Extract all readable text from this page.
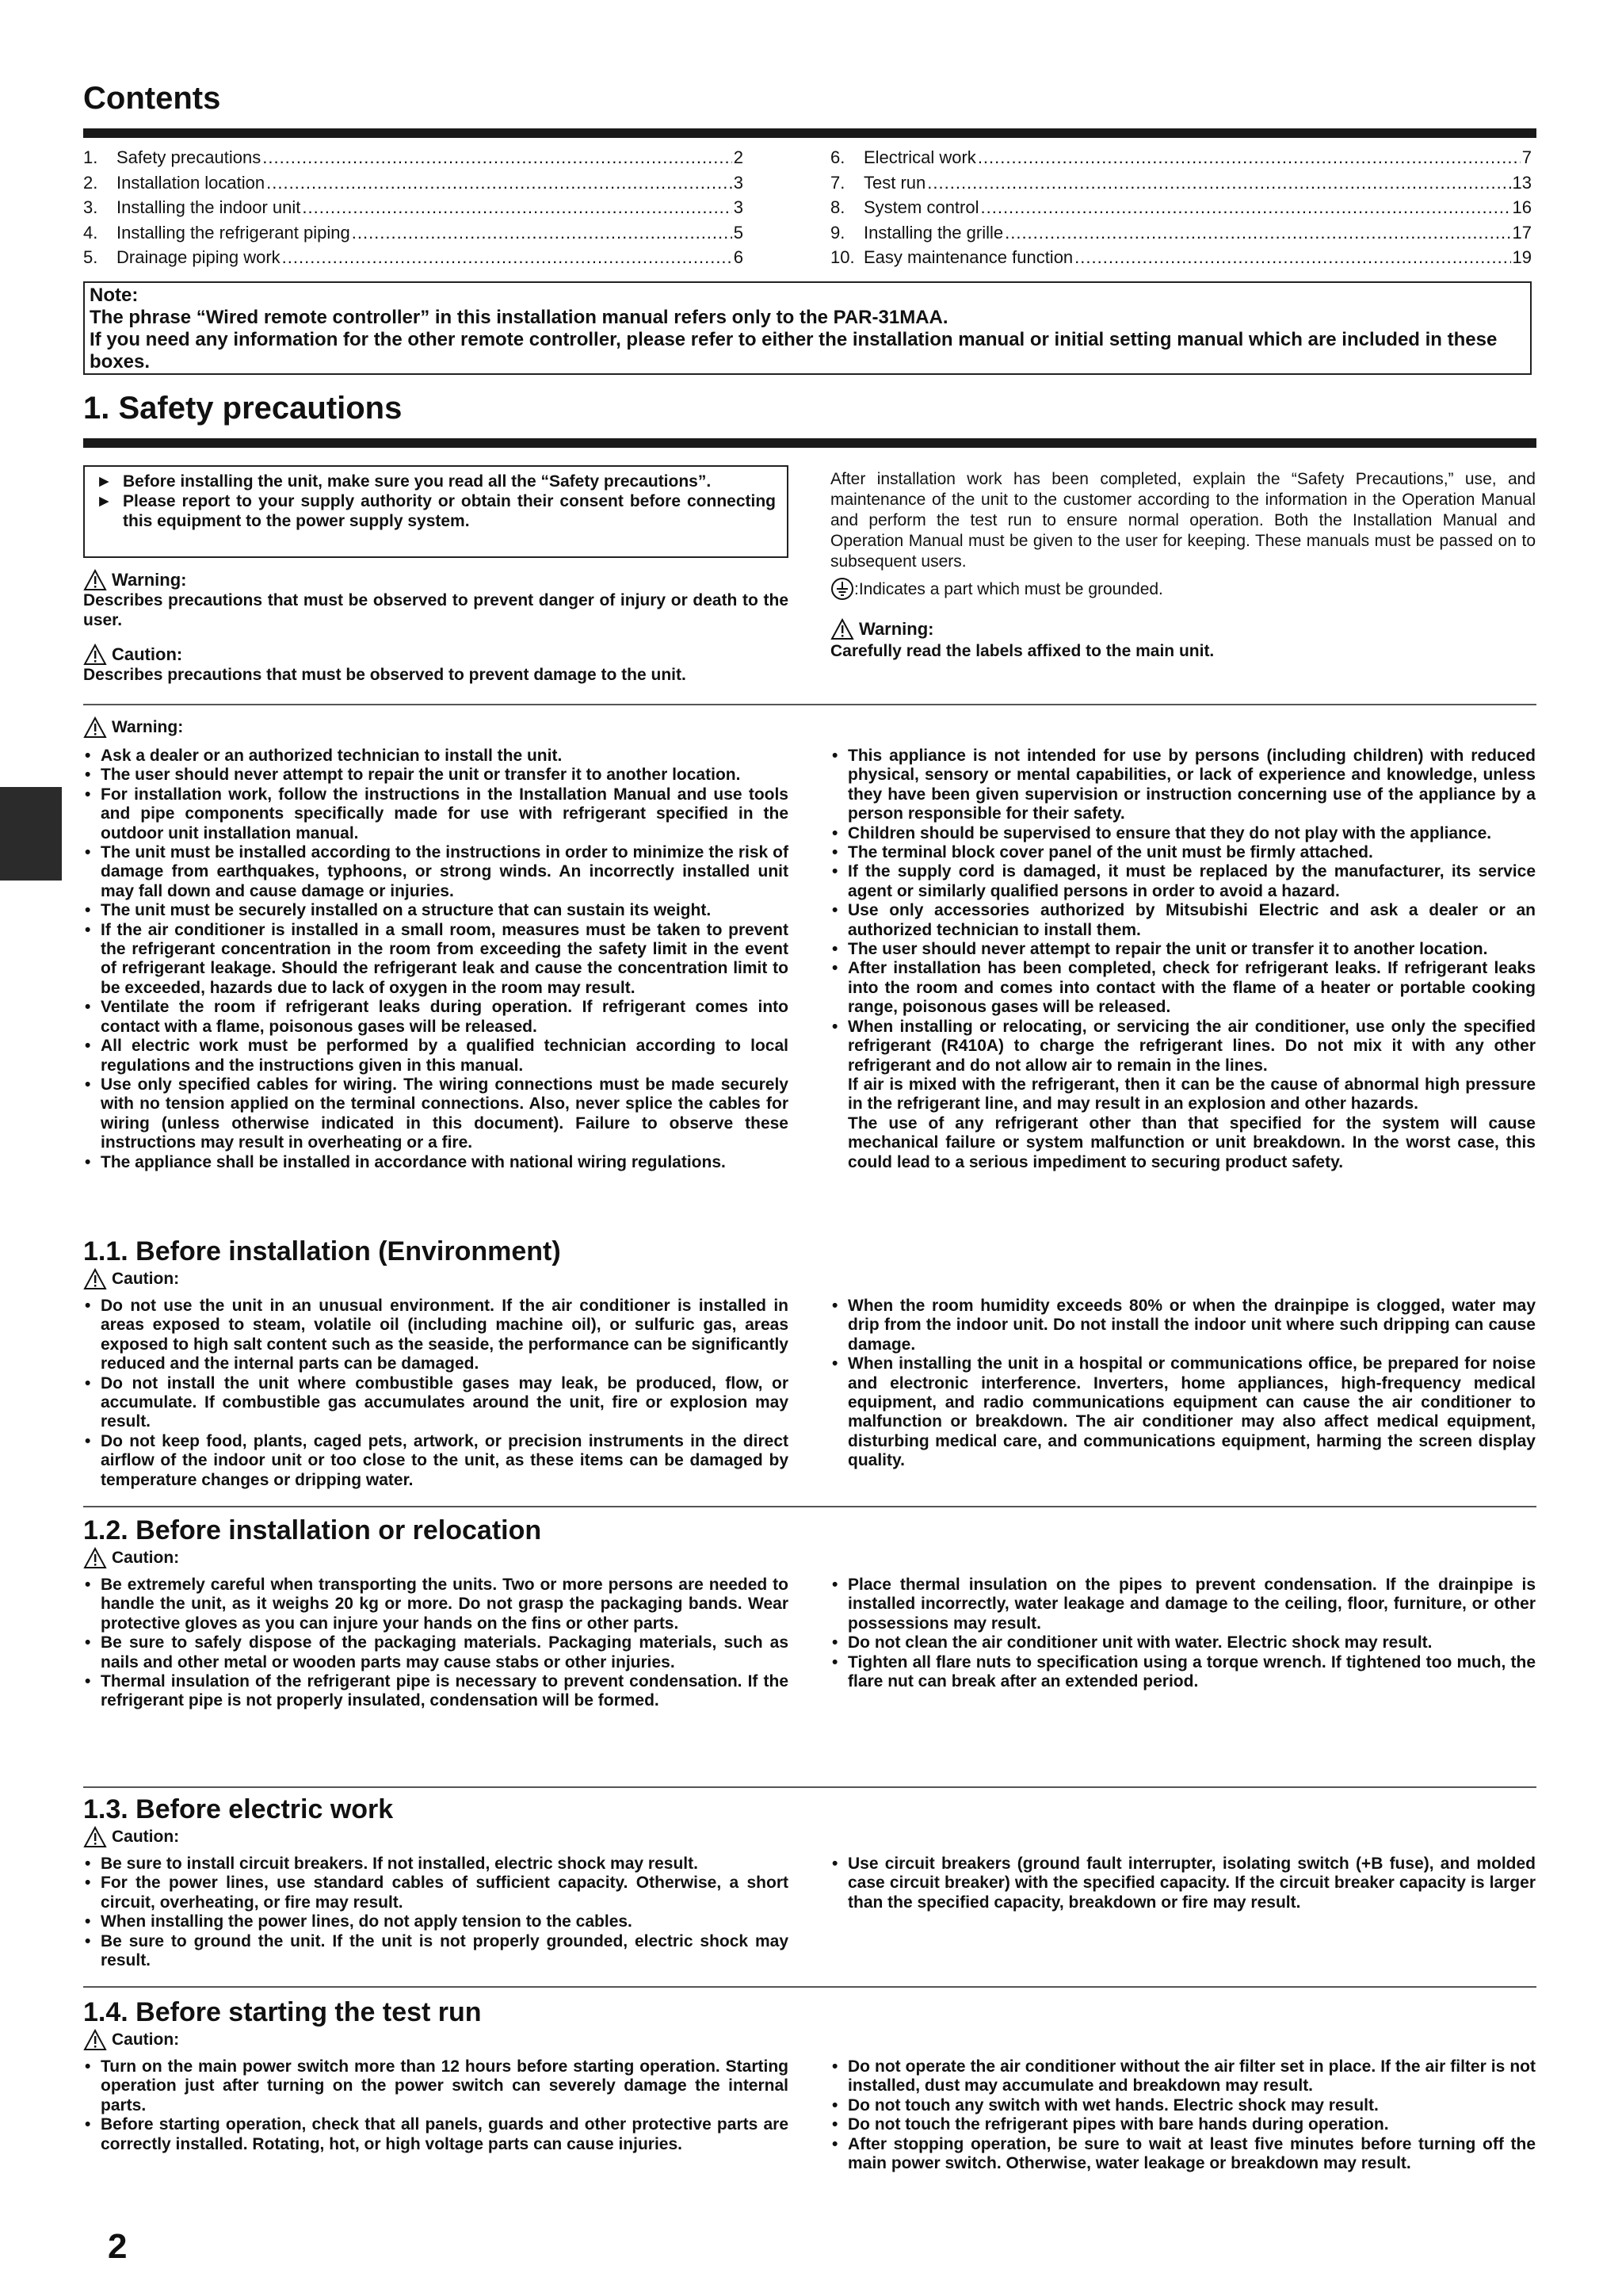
Contents
1.	Safety precautions .....	2
2.	Installation location .....	3
3.	Installing the indoor unit .....	3
4.	Installing the refrigerant piping .....	5
5.	Drainage piping work .....	6
6.	Electrical work .....	7
7.	Test run .....	13
8.	System control .....	16
9.	Installing the grille .....	17
10. Easy maintenance function .....	19

Note:

The phrase “Wired remote controller” in this installation manual refers only to the PAR-31MAA.

If you need any information for the other remote controller, please refer to either the installation manual or initial setting manual which are included in these boxes.

1. Safety precautions
► Before installing the unit, make sure you read all the “Safety precautions”.
► Please report to your supply authority or obtain their consent before connecting this equipment to the power supply system.
Warning:

Describes precautions that must be observed to prevent danger of injury or death to the user.

Caution:

Describes precautions that must be observed to prevent damage to the unit.

After installation work has been completed, explain the “Safety Precautions,” use, and maintenance of the unit to the customer according to the information in the Operation Manual and perform the test run to ensure normal operation. Both the Installation Manual and Operation Manual must be given to the user for keeping. These manuals must be passed on to subsequent users.

:Indicates a part which must be grounded.
Warning:

Carefully read the labels affixed to the main unit.

Warning:
• Ask a dealer or an authorized technician to install the unit.
• The user should never attempt to repair the unit or transfer it to another location.
• For installation work, follow the instructions in the Installation Manual and use tools and pipe components specifically made for use with refrigerant specified in the outdoor unit installation manual.
• The unit must be installed according to the instructions in order to minimize the risk of damage from earthquakes, typhoons, or strong winds. An incorrectly installed unit may fall down and cause damage or injuries.
• The unit must be securely installed on a structure that can sustain its weight.
• If the air conditioner is installed in a small room, measures must be taken to prevent the refrigerant concentration in the room from exceeding the safety limit in the event of refrigerant leakage. Should the refrigerant leak and cause the concentration limit to be exceeded, hazards due to lack of oxygen in the room may result.
• Ventilate the room if refrigerant leaks during operation. If refrigerant comes into contact with a flame, poisonous gases will be released.
• All electric work must be performed by a qualified technician according to local regulations and the instructions given in this manual.
• Use only specified cables for wiring. The wiring connections must be made securely with no tension applied on the terminal connections. Also, never splice the cables for wiring (unless otherwise indicated in this document). Failure to observe these instructions may result in overheating or a fire.
• The appliance shall be installed in accordance with national wiring regulations.
• This appliance is not intended for use by persons (including children) with reduced physical, sensory or mental capabilities, or lack of experience and knowledge, unless they have been given supervision or instruction concerning use of the appliance by a person responsible for their safety.
• Children should be supervised to ensure that they do not play with the appliance.
• The terminal block cover panel of the unit must be firmly attached.
• If the supply cord is damaged, it must be replaced by the manufacturer, its service agent or similarly qualified persons in order to avoid a hazard.
• Use only accessories authorized by Mitsubishi Electric and ask a dealer or an authorized technician to install them.
• The user should never attempt to repair the unit or transfer it to another location.
• After installation has been completed, check for refrigerant leaks. If refrigerant leaks into the room and comes into contact with the flame of a heater or portable cooking range, poisonous gases will be released.
• When installing or relocating, or servicing the air conditioner, use only the specified refrigerant (R410A) to charge the refrigerant lines. Do not mix it with any other refrigerant and do not allow air to remain in the lines.
If air is mixed with the refrigerant, then it can be the cause of abnormal high pressure in the refrigerant line, and may result in an explosion and other hazards.
The use of any refrigerant other than that specified for the system will cause mechanical failure or system malfunction or unit breakdown. In the worst case, this could lead to a serious impediment to securing product safety.
1.1. Before installation (Environment)
Caution:
• Do not use the unit in an unusual environment. If the air conditioner is installed in areas exposed to steam, volatile oil (including machine oil), or sulfuric gas, areas exposed to high salt content such as the seaside, the performance can be significantly reduced and the internal parts can be damaged.
• Do not install the unit where combustible gases may leak, be produced, flow, or accumulate. If combustible gas accumulates around the unit, fire or explosion may result.
• Do not keep food, plants, caged pets, artwork, or precision instruments in the direct airflow of the indoor unit or too close to the unit, as these items can be damaged by temperature changes or dripping water.
• When the room humidity exceeds 80% or when the drainpipe is clogged, water may drip from the indoor unit. Do not install the indoor unit where such dripping can cause damage.
• When installing the unit in a hospital or communications office, be prepared for noise and electronic interference. Inverters, home appliances, high-frequency medical equipment, and radio communications equipment can cause the air conditioner to malfunction or breakdown. The air conditioner may also affect medical equipment, disturbing medical care, and communications equipment, harming the screen display quality.
1.2. Before installation or relocation
Caution:
• Be extremely careful when transporting the units. Two or more persons are needed to handle the unit, as it weighs 20 kg or more. Do not grasp the packaging bands. Wear protective gloves as you can injure your hands on the fins or other parts.
• Be sure to safely dispose of the packaging materials. Packaging materials, such as nails and other metal or wooden parts may cause stabs or other injuries.
• Thermal insulation of the refrigerant pipe is necessary to prevent condensation. If the refrigerant pipe is not properly insulated, condensation will be formed.
• Place thermal insulation on the pipes to prevent condensation. If the drainpipe is installed incorrectly, water leakage and damage to the ceiling, floor, furniture, or other possessions may result.
• Do not clean the air conditioner unit with water. Electric shock may result.
• Tighten all flare nuts to specification using a torque wrench. If tightened too much, the flare nut can break after an extended period.
1.3. Before electric work
Caution:
• Be sure to install circuit breakers. If not installed, electric shock may result.
• For the power lines, use standard cables of sufficient capacity. Otherwise, a short circuit, overheating, or fire may result.
• When installing the power lines, do not apply tension to the cables.
• Be sure to ground the unit. If the unit is not properly grounded, electric shock may result.
• Use circuit breakers (ground fault interrupter, isolating switch (+B fuse), and molded case circuit breaker) with the specified capacity. If the circuit breaker capacity is larger than the specified capacity, breakdown or fire may result.
1.4. Before starting the test run
Caution:
• Turn on the main power switch more than 12 hours before starting operation. Starting operation just after turning on the power switch can severely damage the internal parts.
• Before starting operation, check that all panels, guards and other protective parts are correctly installed. Rotating, hot, or high voltage parts can cause injuries.
• Do not operate the air conditioner without the air filter set in place. If the air filter is not installed, dust may accumulate and breakdown may result.
• Do not touch any switch with wet hands. Electric shock may result.
• Do not touch the refrigerant pipes with bare hands during operation.
• After stopping operation, be sure to wait at least five minutes before turning off the main power switch. Otherwise, water leakage or breakdown may result.
2
